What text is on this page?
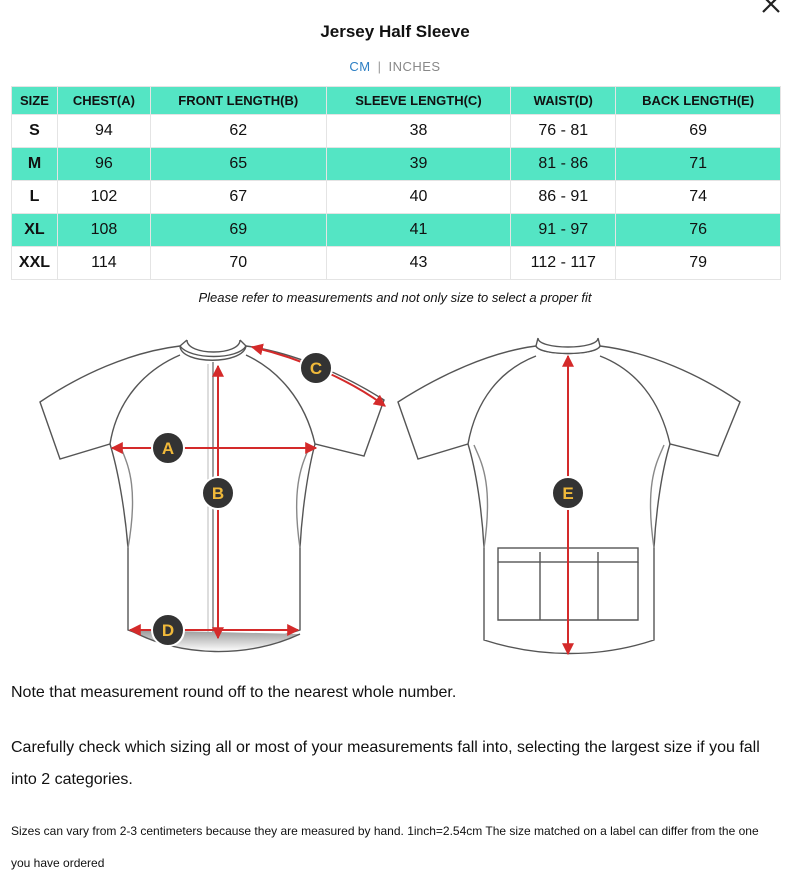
Jersey Half Sleeve
CM | INCHES
SIZE	CHEST(A)	FRONT LENGTH(B)	SLEEVE LENGTH(C)	WAIST(D)	BACK LENGTH(E)
S	94	62	38	76 - 81	69
M	96	65	39	81 - 86	71
L	102	67	40	86 - 91	74
XL	108	69	41	91 - 97	76
XXL	114	70	43	112 - 117	79
Please refer to measurements and not only size to select a proper fit
A
B
C
D
E
Note that measurement round off to the nearest whole number.
Carefully check which sizing all or most of your measurements fall into, selecting the largest size if you fall into 2 categories.
Sizes can vary from 2-3 centimeters because they are measured by hand. 1inch=2.54cm The size matched on a label can differ from the one you have ordered
